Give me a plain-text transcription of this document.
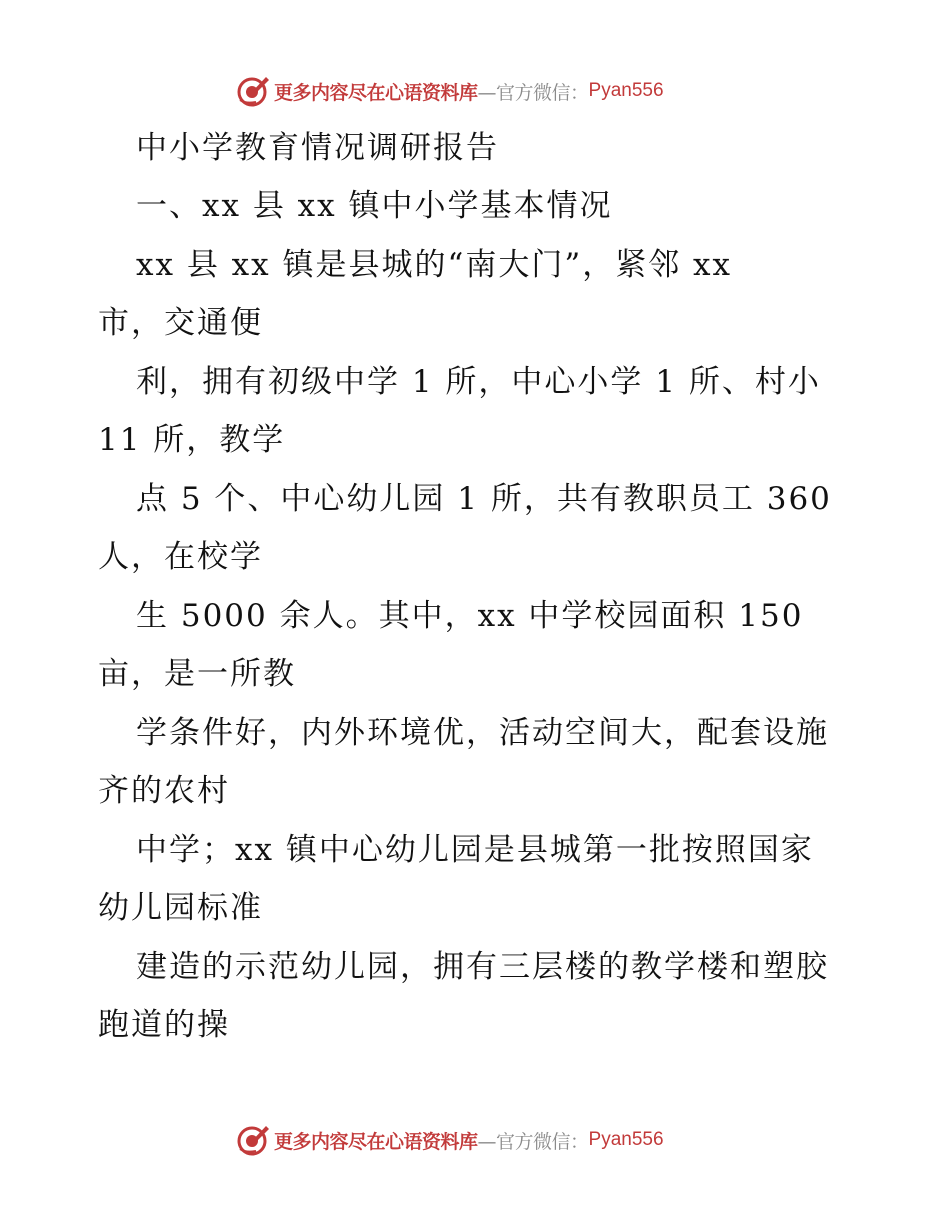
更多内容尽在心语资料库 —官方微信： Pyan556
中小学教育情况调研报告
一、xx 县 xx 镇中小学基本情况
xx 县 xx 镇是县城的“南大门”，紧邻 xx
市，交通便
利，拥有初级中学 1 所，中心小学 1 所、村小
11 所，教学
点 5 个、中心幼儿园 1 所，共有教职员工 360
人，在校学
生 5000 余人。其中，xx 中学校园面积 150
亩，是一所教
学条件好，内外环境优，活动空间大，配套设施
齐的农村
中学；xx 镇中心幼儿园是县城第一批按照国家
幼儿园标准
建造的示范幼儿园，拥有三层楼的教学楼和塑胶
跑道的操
更多内容尽在心语资料库 —官方微信： Pyan556
